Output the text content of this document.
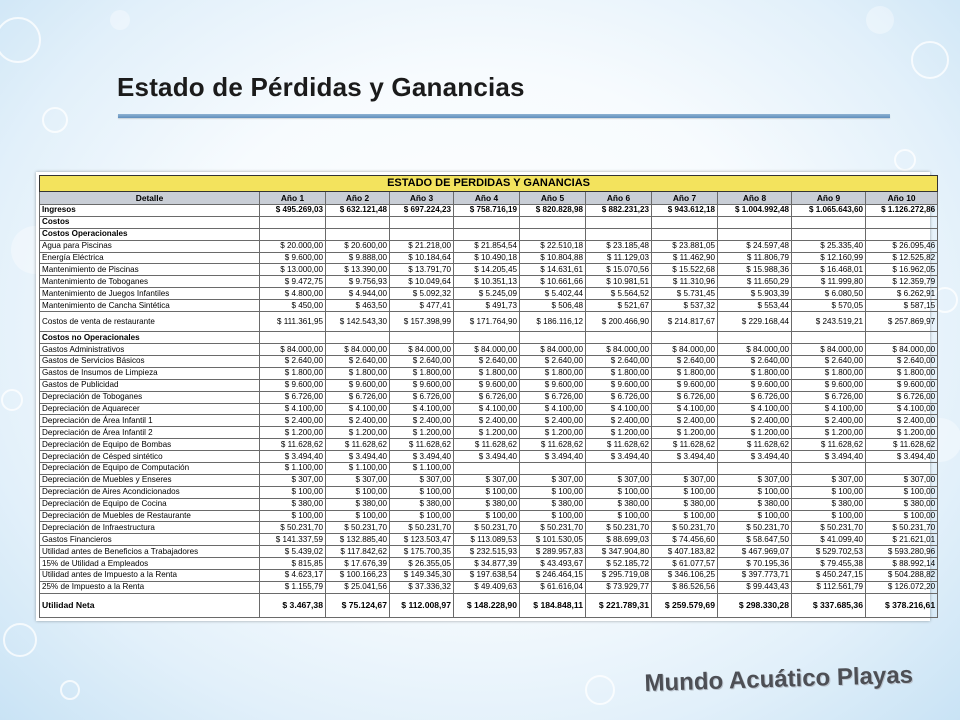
Estado de Pérdidas y Ganancias
ESTADO DE PERDIDAS Y GANANCIAS										
Detalle	Año 1	Año 2	Año 3	Año 4	Año 5	Año 6	Año 7	Año 8	Año 9	Año 10
Ingresos	$ 495.269,03	$ 632.121,48	$ 697.224,23	$ 758.716,19	$ 820.828,98	$ 882.231,23	$ 943.612,18	$ 1.004.992,48	$ 1.065.643,60	$ 1.126.272,86
Costos										
Costos Operacionales										
Agua para Piscinas	$ 20.000,00	$ 20.600,00	$ 21.218,00	$ 21.854,54	$ 22.510,18	$ 23.185,48	$ 23.881,05	$ 24.597,48	$ 25.335,40	$ 26.095,46
Energía Eléctrica	$ 9.600,00	$ 9.888,00	$ 10.184,64	$ 10.490,18	$ 10.804,88	$ 11.129,03	$ 11.462,90	$ 11.806,79	$ 12.160,99	$ 12.525,82
Mantenimiento de Piscinas	$ 13.000,00	$ 13.390,00	$ 13.791,70	$ 14.205,45	$ 14.631,61	$ 15.070,56	$ 15.522,68	$ 15.988,36	$ 16.468,01	$ 16.962,05
Mantenimiento de Toboganes	$ 9.472,75	$ 9.756,93	$ 10.049,64	$ 10.351,13	$ 10.661,66	$ 10.981,51	$ 11.310,96	$ 11.650,29	$ 11.999,80	$ 12.359,79
Mantenimiento de Juegos Infantiles	$ 4.800,00	$ 4.944,00	$ 5.092,32	$ 5.245,09	$ 5.402,44	$ 5.564,52	$ 5.731,45	$ 5.903,39	$ 6.080,50	$ 6.262,91
Mantenimiento de Cancha Sintética	$ 450,00	$ 463,50	$ 477,41	$ 491,73	$ 506,48	$ 521,67	$ 537,32	$ 553,44	$ 570,05	$ 587,15
Costos de venta de restaurante	$ 111.361,95	$ 142.543,30	$ 157.398,99	$ 171.764,90	$ 186.116,12	$ 200.466,90	$ 214.817,67	$ 229.168,44	$ 243.519,21	$ 257.869,97
Costos no Operacionales										
Gastos Administrativos	$ 84.000,00	$ 84.000,00	$ 84.000,00	$ 84.000,00	$ 84.000,00	$ 84.000,00	$ 84.000,00	$ 84.000,00	$ 84.000,00	$ 84.000,00
Gastos de Servicios Básicos	$ 2.640,00	$ 2.640,00	$ 2.640,00	$ 2.640,00	$ 2.640,00	$ 2.640,00	$ 2.640,00	$ 2.640,00	$ 2.640,00	$ 2.640,00
Gastos de Insumos de Limpieza	$ 1.800,00	$ 1.800,00	$ 1.800,00	$ 1.800,00	$ 1.800,00	$ 1.800,00	$ 1.800,00	$ 1.800,00	$ 1.800,00	$ 1.800,00
Gastos de Publicidad	$ 9.600,00	$ 9.600,00	$ 9.600,00	$ 9.600,00	$ 9.600,00	$ 9.600,00	$ 9.600,00	$ 9.600,00	$ 9.600,00	$ 9.600,00
Depreciación de Toboganes	$ 6.726,00	$ 6.726,00	$ 6.726,00	$ 6.726,00	$ 6.726,00	$ 6.726,00	$ 6.726,00	$ 6.726,00	$ 6.726,00	$ 6.726,00
Depreciación de Aquarecer	$ 4.100,00	$ 4.100,00	$ 4.100,00	$ 4.100,00	$ 4.100,00	$ 4.100,00	$ 4.100,00	$ 4.100,00	$ 4.100,00	$ 4.100,00
Depreciación de Área Infantil 1	$ 2.400,00	$ 2.400,00	$ 2.400,00	$ 2.400,00	$ 2.400,00	$ 2.400,00	$ 2.400,00	$ 2.400,00	$ 2.400,00	$ 2.400,00
Depreciación de Área Infantil 2	$ 1.200,00	$ 1.200,00	$ 1.200,00	$ 1.200,00	$ 1.200,00	$ 1.200,00	$ 1.200,00	$ 1.200,00	$ 1.200,00	$ 1.200,00
Depreciación de Equipo de Bombas	$ 11.628,62	$ 11.628,62	$ 11.628,62	$ 11.628,62	$ 11.628,62	$ 11.628,62	$ 11.628,62	$ 11.628,62	$ 11.628,62	$ 11.628,62
Depreciación de Césped sintético	$ 3.494,40	$ 3.494,40	$ 3.494,40	$ 3.494,40	$ 3.494,40	$ 3.494,40	$ 3.494,40	$ 3.494,40	$ 3.494,40	$ 3.494,40
Depreciación de Equipo de Computación	$ 1.100,00	$ 1.100,00	$ 1.100,00							
Depreciación de Muebles y Enseres	$ 307,00	$ 307,00	$ 307,00	$ 307,00	$ 307,00	$ 307,00	$ 307,00	$ 307,00	$ 307,00	$ 307,00
Depreciación de Aires Acondicionados	$ 100,00	$ 100,00	$ 100,00	$ 100,00	$ 100,00	$ 100,00	$ 100,00	$ 100,00	$ 100,00	$ 100,00
Depreciación de Equipo de Cocina	$ 380,00	$ 380,00	$ 380,00	$ 380,00	$ 380,00	$ 380,00	$ 380,00	$ 380,00	$ 380,00	$ 380,00
Depreciación de Muebles de Restaurante	$ 100,00	$ 100,00	$ 100,00	$ 100,00	$ 100,00	$ 100,00	$ 100,00	$ 100,00	$ 100,00	$ 100,00
Depreciación de Infraestructura	$ 50.231,70	$ 50.231,70	$ 50.231,70	$ 50.231,70	$ 50.231,70	$ 50.231,70	$ 50.231,70	$ 50.231,70	$ 50.231,70	$ 50.231,70
Gastos Financieros	$ 141.337,59	$ 132.885,40	$ 123.503,47	$ 113.089,53	$ 101.530,05	$ 88.699,03	$ 74.456,60	$ 58.647,50	$ 41.099,40	$ 21.621,01
Utilidad antes de Beneficios a Trabajadores	$ 5.439,02	$ 117.842,62	$ 175.700,35	$ 232.515,93	$ 289.957,83	$ 347.904,80	$ 407.183,82	$ 467.969,07	$ 529.702,53	$ 593.280,96
15% de Utilidad a Empleados	$ 815,85	$ 17.676,39	$ 26.355,05	$ 34.877,39	$ 43.493,67	$ 52.185,72	$ 61.077,57	$ 70.195,36	$ 79.455,38	$ 88.992,14
Utilidad antes de Impuesto a la Renta	$ 4.623,17	$ 100.166,23	$ 149.345,30	$ 197.638,54	$ 246.464,15	$ 295.719,08	$ 346.106,25	$ 397.773,71	$ 450.247,15	$ 504.288,82
25% de Impuesto a la Renta	$ 1.155,79	$ 25.041,56	$ 37.336,32	$ 49.409,63	$ 61.616,04	$ 73.929,77	$ 86.526,56	$ 99.443,43	$ 112.561,79	$ 126.072,20
Utilidad Neta	$ 3.467,38	$ 75.124,67	$ 112.008,97	$ 148.228,90	$ 184.848,11	$ 221.789,31	$ 259.579,69	$ 298.330,28	$ 337.685,36	$ 378.216,61
Mundo Acuático Playas
